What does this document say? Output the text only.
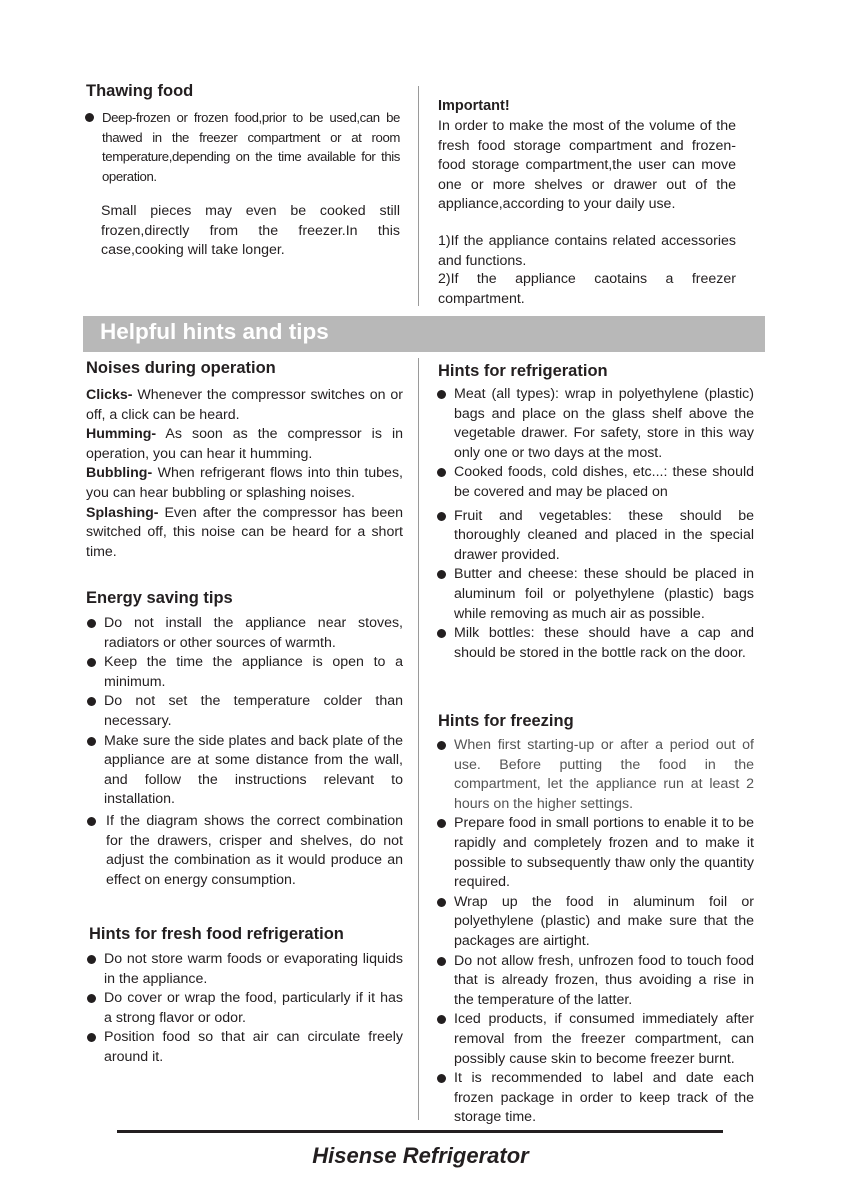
Thawing food
Deep-frozen or frozen food,prior to be used,can be thawed in the freezer compartment or at room temperature,depending on the time available for this operation.
Small pieces may even be cooked still frozen,directly from the freezer.In this case,cooking will take longer.
Important!
In order to make the most of the volume of the fresh food storage compartment and frozen-food storage compartment,the user can move one or more shelves or drawer out of the appliance,according to your daily use.
1)If the appliance contains related accessories and functions.
2)If the appliance caotains a freezer compartment.
Helpful hints and tips
Noises during operation
Clicks- Whenever the compressor switches on or off, a click can be heard.
Humming- As soon as the compressor is in operation, you can hear it humming.
Bubbling- When refrigerant flows into thin tubes, you can hear bubbling or splashing noises.
Splashing- Even after the compressor has been switched off, this noise can be heard for a short time.
Energy saving tips
Do not install the appliance near stoves, radiators or other sources of warmth.
Keep the time the appliance is open to a minimum.
Do not set the temperature colder than necessary.
Make sure the side plates and back plate of the appliance are at some distance from the wall, and follow the instructions relevant to installation.
If the diagram shows the correct combination for the drawers, crisper and shelves, do not adjust the combination as it would produce an effect on energy consumption.
Hints for fresh food refrigeration
Do not store warm foods or evaporating liquids in the appliance.
Do cover or wrap the food, particularly if it has a strong flavor or odor.
Position food so that air can circulate freely around it.
Hints for refrigeration
Meat (all types): wrap in polyethylene (plastic) bags and place on the glass shelf above the vegetable drawer. For safety, store in this way only one or two days at the most.
Cooked foods, cold dishes, etc...: these should be covered and may be placed on
Fruit and vegetables: these should be thoroughly cleaned and placed in the special drawer provided.
Butter and cheese: these should be placed in aluminum foil or polyethylene (plastic) bags while removing as much air as possible.
Milk bottles: these should have a cap and should be stored in the bottle rack on the door.
Hints for freezing
When first starting-up or after a period out of use. Before putting the food in the compartment, let the appliance run at least 2 hours on the higher settings.
Prepare food in small portions to enable it to be rapidly and completely frozen and to make it possible to subsequently thaw only the quantity required.
Wrap up the food in aluminum foil or polyethylene (plastic) and make sure that the packages are airtight.
Do not allow fresh, unfrozen food to touch food that is already frozen, thus avoiding a rise in the temperature of the latter.
Iced products, if consumed immediately after removal from the freezer compartment, can possibly cause skin to become freezer burnt.
It is recommended to label and date each frozen package in order to keep track of the storage time.
Hisense Refrigerator
